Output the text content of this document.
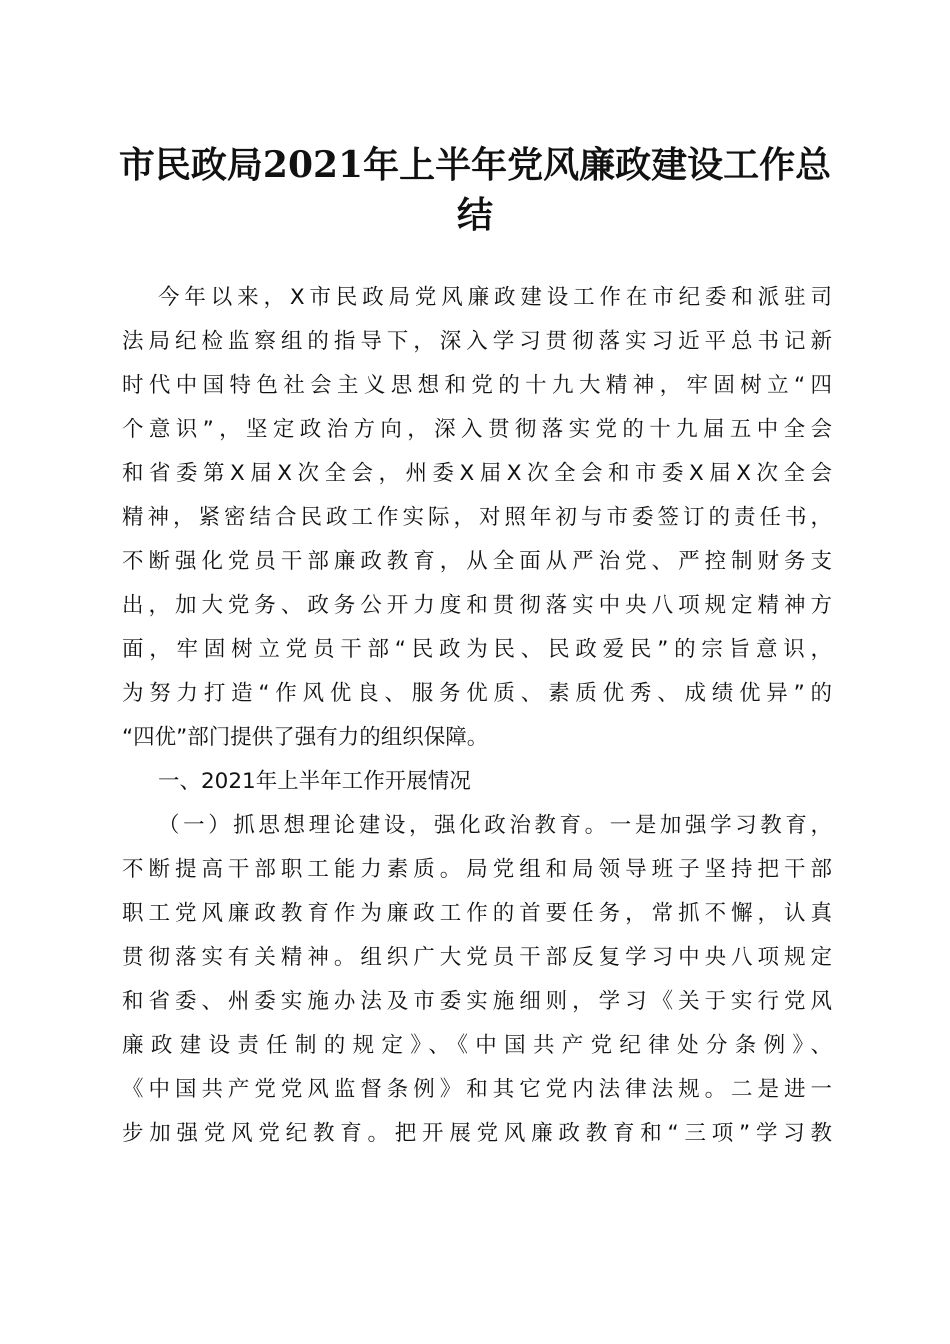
市民政局2021年上半年党风廉政建设工作总
结
今年以来，X市民政局党风廉政建设工作在市纪委和派驻司
法局纪检监察组的指导下，深入学习贯彻落实习近平总书记新
时代中国特色社会主义思想和党的十九大精神，牢固树立“四
个意识”，坚定政治方向，深入贯彻落实党的十九届五中全会
和省委第X届X次全会，州委X届X次全会和市委X届X次全会
精神，紧密结合民政工作实际，对照年初与市委签订的责任书，
不断强化党员干部廉政教育，从全面从严治党、严控制财务支
出，加大党务、政务公开力度和贯彻落实中央八项规定精神方
面，牢固树立党员干部“民政为民、民政爱民”的宗旨意识，
为努力打造“作风优良、服务优质、素质优秀、成绩优异”的
“四优”部门提供了强有力的组织保障。
一、2021年上半年工作开展情况
（一）抓思想理论建设，强化政治教育。一是加强学习教育，
不断提高干部职工能力素质。局党组和局领导班子坚持把干部
职工党风廉政教育作为廉政工作的首要任务，常抓不懈，认真
贯彻落实有关精神。组织广大党员干部反复学习中央八项规定
和省委、州委实施办法及市委实施细则，学习《关于实行党风
廉政建设责任制的规定》、《中国共产党纪律处分条例》、
《中国共产党党风监督条例》和其它党内法律法规。二是进一
步加强党风党纪教育。把开展党风廉政教育和“三项”学习教
